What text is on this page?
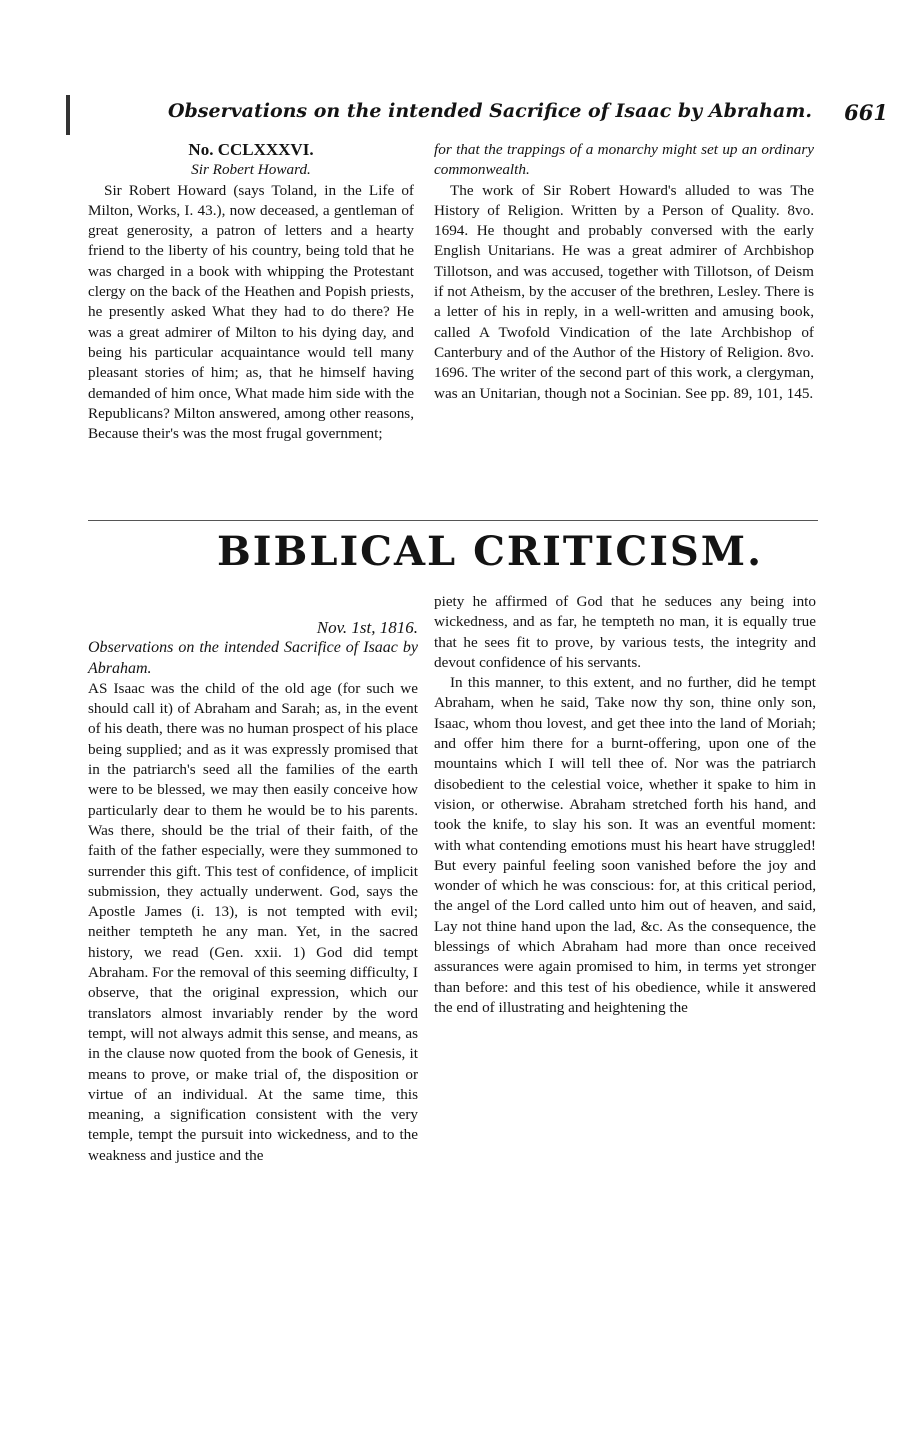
Observations on the intended Sacrifice of Isaac by Abraham.	661

No. CCLXXXVI.

Sir Robert Howard.

Sir Robert Howard (says Toland, in the Life of Milton, Works, I. 43.), now deceased, a gentleman of great generosity, a patron of letters and a hearty friend to the liberty of his country, being told that he was charged in a book with whipping the Protestant clergy on the back of the Heathen and Popish priests, he presently asked What they had to do there? He was a great admirer of Milton to his dying day, and being his particular acquaintance would tell many pleasant stories of him; as, that he himself having demanded of him once, What made him side with the Republicans? Milton answered, among other reasons, Because their's was the most frugal government;

for that the trappings of a monarchy might set up an ordinary commonwealth.

The work of Sir Robert Howard's alluded to was The History of Religion. Written by a Person of Quality. 8vo. 1694. He thought and probably conversed with the early English Unitarians. He was a great admirer of Archbishop Tillotson, and was accused, together with Tillotson, of Deism if not Atheism, by the accuser of the brethren, Lesley. There is a letter of his in reply, in a well-written and amusing book, called A Twofold Vindication of the late Archbishop of Canterbury and of the Author of the History of Religion. 8vo. 1696. The writer of the second part of this work, a clergyman, was an Unitarian, though not a Socinian. See pp. 89, 101, 145.

BIBLICAL CRITICISM.

Nov. 1st, 1816.

Observations on the intended Sacrifice of Isaac by Abraham.

AS Isaac was the child of the old age (for such we should call it) of Abraham and Sarah; as, in the event of his death, there was no human prospect of his place being supplied; and as it was expressly promised that in the patriarch's seed all the families of the earth were to be blessed, we may then easily conceive how particularly dear to them he would be to his parents. Was there, should be the trial of their faith, of the faith of the father especially, were they summoned to surrender this gift. This test of confidence, of implicit submission, they actually underwent. God, says the Apostle James (i. 13), is not tempted with evil; neither tempteth he any man. Yet, in the sacred history, we read (Gen. xxii. 1) God did tempt Abraham. For the removal of this seeming difficulty, I observe, that the original expression, which our translators almost invariably render by the word tempt, will not always admit this sense, and means, as in the clause now quoted from the book of Genesis, it means to prove, or make trial of, the disposition or virtue of an individual. At the same time, this meaning, a signification consistent with the very temple, tempt the pursuit into wickedness, and to the weakness and justice and the

piety he affirmed of God that he seduces any being into wickedness, and as far, he tempteth no man, it is equally true that he sees fit to prove, by various tests, the integrity and devout confidence of his servants.

In this manner, to this extent, and no further, did he tempt Abraham, when he said, Take now thy son, thine only son, Isaac, whom thou lovest, and get thee into the land of Moriah; and offer him there for a burnt-offering, upon one of the mountains which I will tell thee of. Nor was the patriarch disobedient to the celestial voice, whether it spake to him in vision, or otherwise. Abraham stretched forth his hand, and took the knife, to slay his son. It was an eventful moment: with what contending emotions must his heart have struggled! But every painful feeling soon vanished before the joy and wonder of which he was conscious: for, at this critical period, the angel of the Lord called unto him out of heaven, and said, Lay not thine hand upon the lad, &c. As the consequence, the blessings of which Abraham had more than once received assurances were again promised to him, in terms yet stronger than before: and this test of his obedience, while it answered the end of illustrating and heightening the
